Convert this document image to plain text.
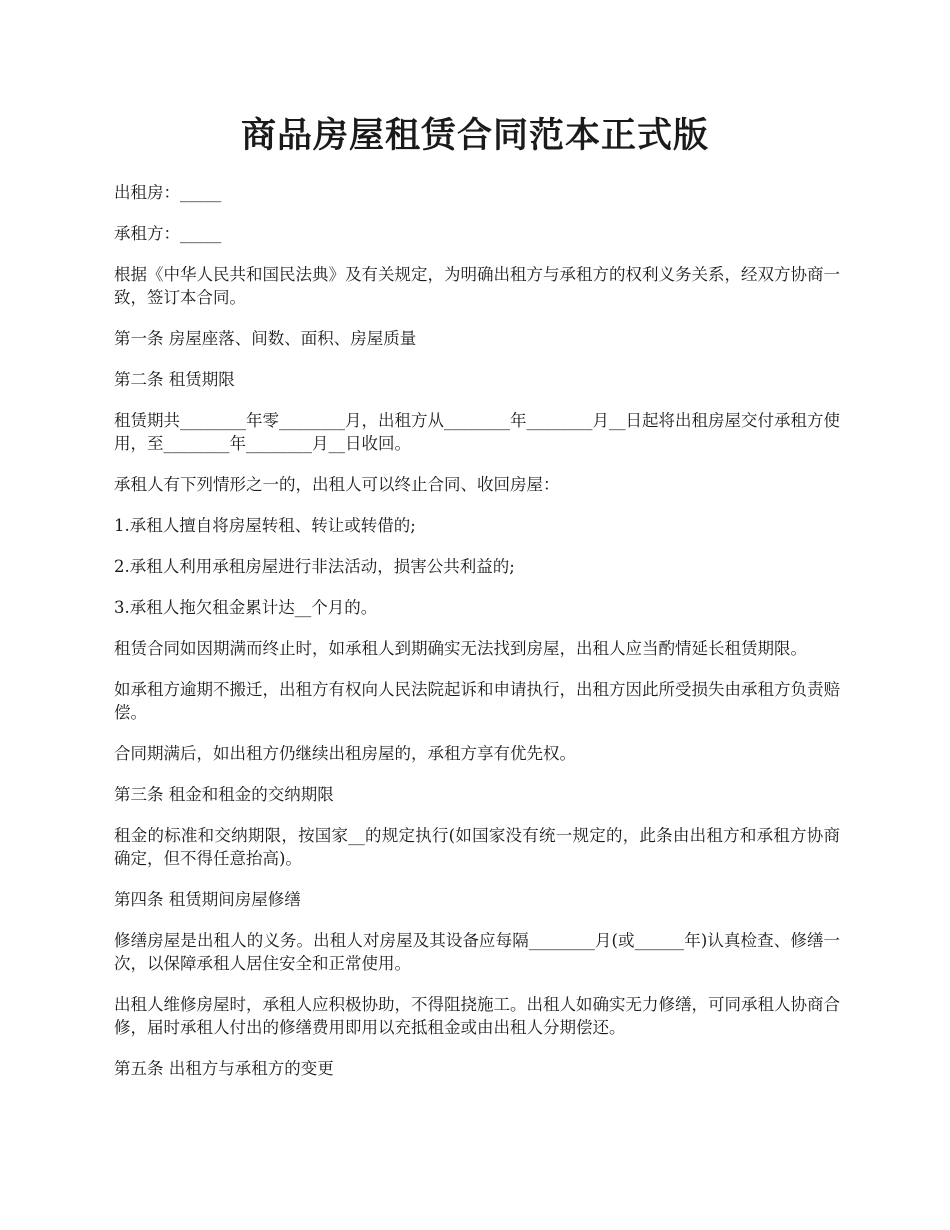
商品房屋租赁合同范本正式版

出租房：_____

承租方：_____

根据《中华人民共和国民法典》及有关规定，为明确出租方与承租方的权利义务关系，经双方协商一致，签订本合同。

第一条 房屋座落、间数、面积、房屋质量

第二条 租赁期限

租赁期共________年零________月，出租方从________年________月__日起将出租房屋交付承租方使用，至________年________月__日收回。

承租人有下列情形之一的，出租人可以终止合同、收回房屋：

1.承租人擅自将房屋转租、转让或转借的;

2.承租人利用承租房屋进行非法活动，损害公共利益的;

3.承租人拖欠租金累计达__个月的。

租赁合同如因期满而终止时，如承租人到期确实无法找到房屋，出租人应当酌情延长租赁期限。

如承租方逾期不搬迁，出租方有权向人民法院起诉和申请执行，出租方因此所受损失由承租方负责赔偿。

合同期满后，如出租方仍继续出租房屋的，承租方享有优先权。

第三条 租金和租金的交纳期限

租金的标准和交纳期限，按国家__的规定执行(如国家没有统一规定的，此条由出租方和承租方协商确定，但不得任意抬高)。

第四条 租赁期间房屋修缮

修缮房屋是出租人的义务。出租人对房屋及其设备应每隔________月(或______年)认真检查、修缮一次，以保障承租人居住安全和正常使用。

出租人维修房屋时，承租人应积极协助，不得阻挠施工。出租人如确实无力修缮，可同承租人协商合修，届时承租人付出的修缮费用即用以充抵租金或由出租人分期偿还。

第五条 出租方与承租方的变更
